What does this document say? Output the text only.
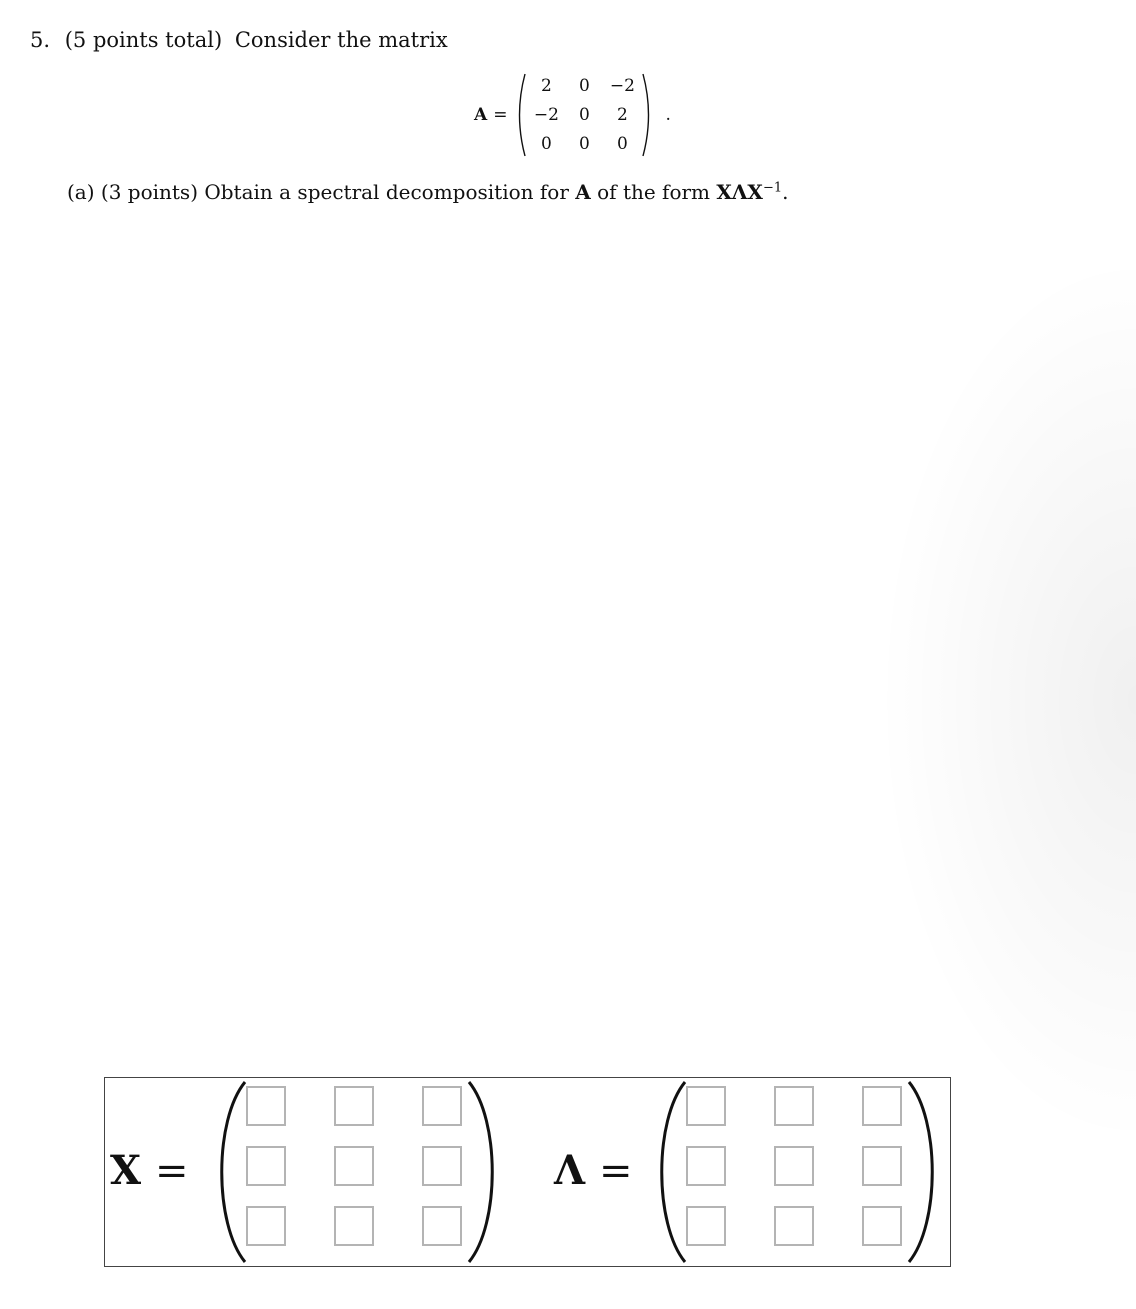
5. (5 points total) Consider the matrix
A =
2	0	−2
−2	0	2
0	0	0
.
(a) (3 points) Obtain a spectral decomposition for A of the form $X\Lambda X^{-1}$.
X =	Λ =
